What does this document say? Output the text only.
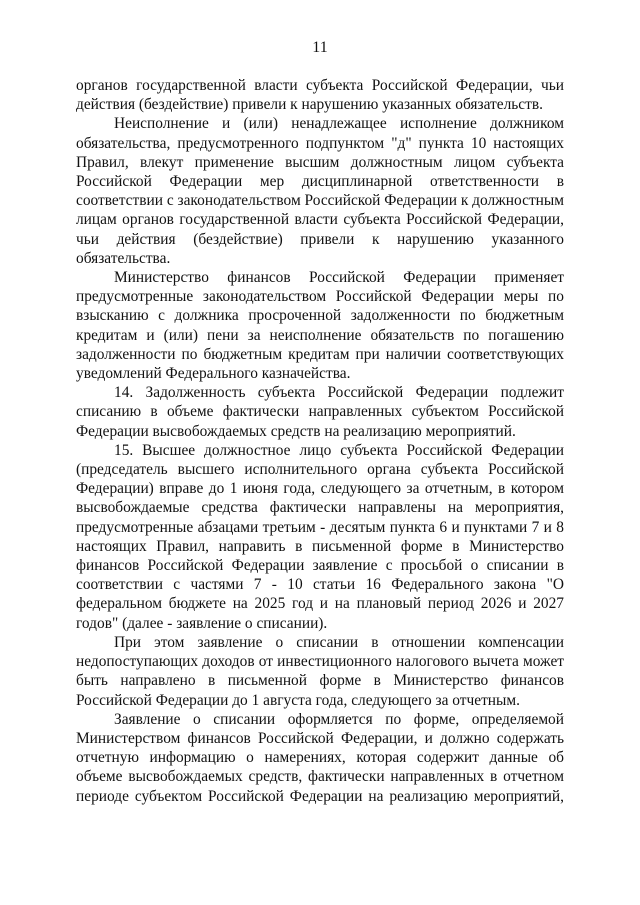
11

органов государственной власти субъекта Российской Федерации, чьи действия (бездействие) привели к нарушению указанных обязательств.

Неисполнение и (или) ненадлежащее исполнение должником обязательства, предусмотренного подпунктом "д" пункта 10 настоящих Правил, влекут применение высшим должностным лицом субъекта Российской Федерации мер дисциплинарной ответственности в соответствии с законодательством Российской Федерации к должностным лицам органов государственной власти субъекта Российской Федерации, чьи действия (бездействие) привели к нарушению указанного обязательства.

Министерство финансов Российской Федерации применяет предусмотренные законодательством Российской Федерации меры по взысканию с должника просроченной задолженности по бюджетным кредитам и (или) пени за неисполнение обязательств по погашению задолженности по бюджетным кредитам при наличии соответствующих уведомлений Федерального казначейства.

14. Задолженность субъекта Российской Федерации подлежит списанию в объеме фактически направленных субъектом Российской Федерации высвобождаемых средств на реализацию мероприятий.

15. Высшее должностное лицо субъекта Российской Федерации (председатель высшего исполнительного органа субъекта Российской Федерации) вправе до 1 июня года, следующего за отчетным, в котором высвобождаемые средства фактически направлены на мероприятия, предусмотренные абзацами третьим - десятым пункта 6 и пунктами 7 и 8 настоящих Правил, направить в письменной форме в Министерство финансов Российской Федерации заявление с просьбой о списании в соответствии с частями 7 - 10 статьи 16 Федерального закона "О федеральном бюджете на 2025 год и на плановый период 2026 и 2027 годов" (далее - заявление о списании).

При этом заявление о списании в отношении компенсации недопоступающих доходов от инвестиционного налогового вычета может быть направлено в письменной форме в Министерство финансов Российской Федерации до 1 августа года, следующего за отчетным.

Заявление о списании оформляется по форме, определяемой Министерством финансов Российской Федерации, и должно содержать отчетную информацию о намерениях, которая содержит данные об объеме высвобождаемых средств, фактически направленных в отчетном периоде субъектом Российской Федерации на реализацию мероприятий,
